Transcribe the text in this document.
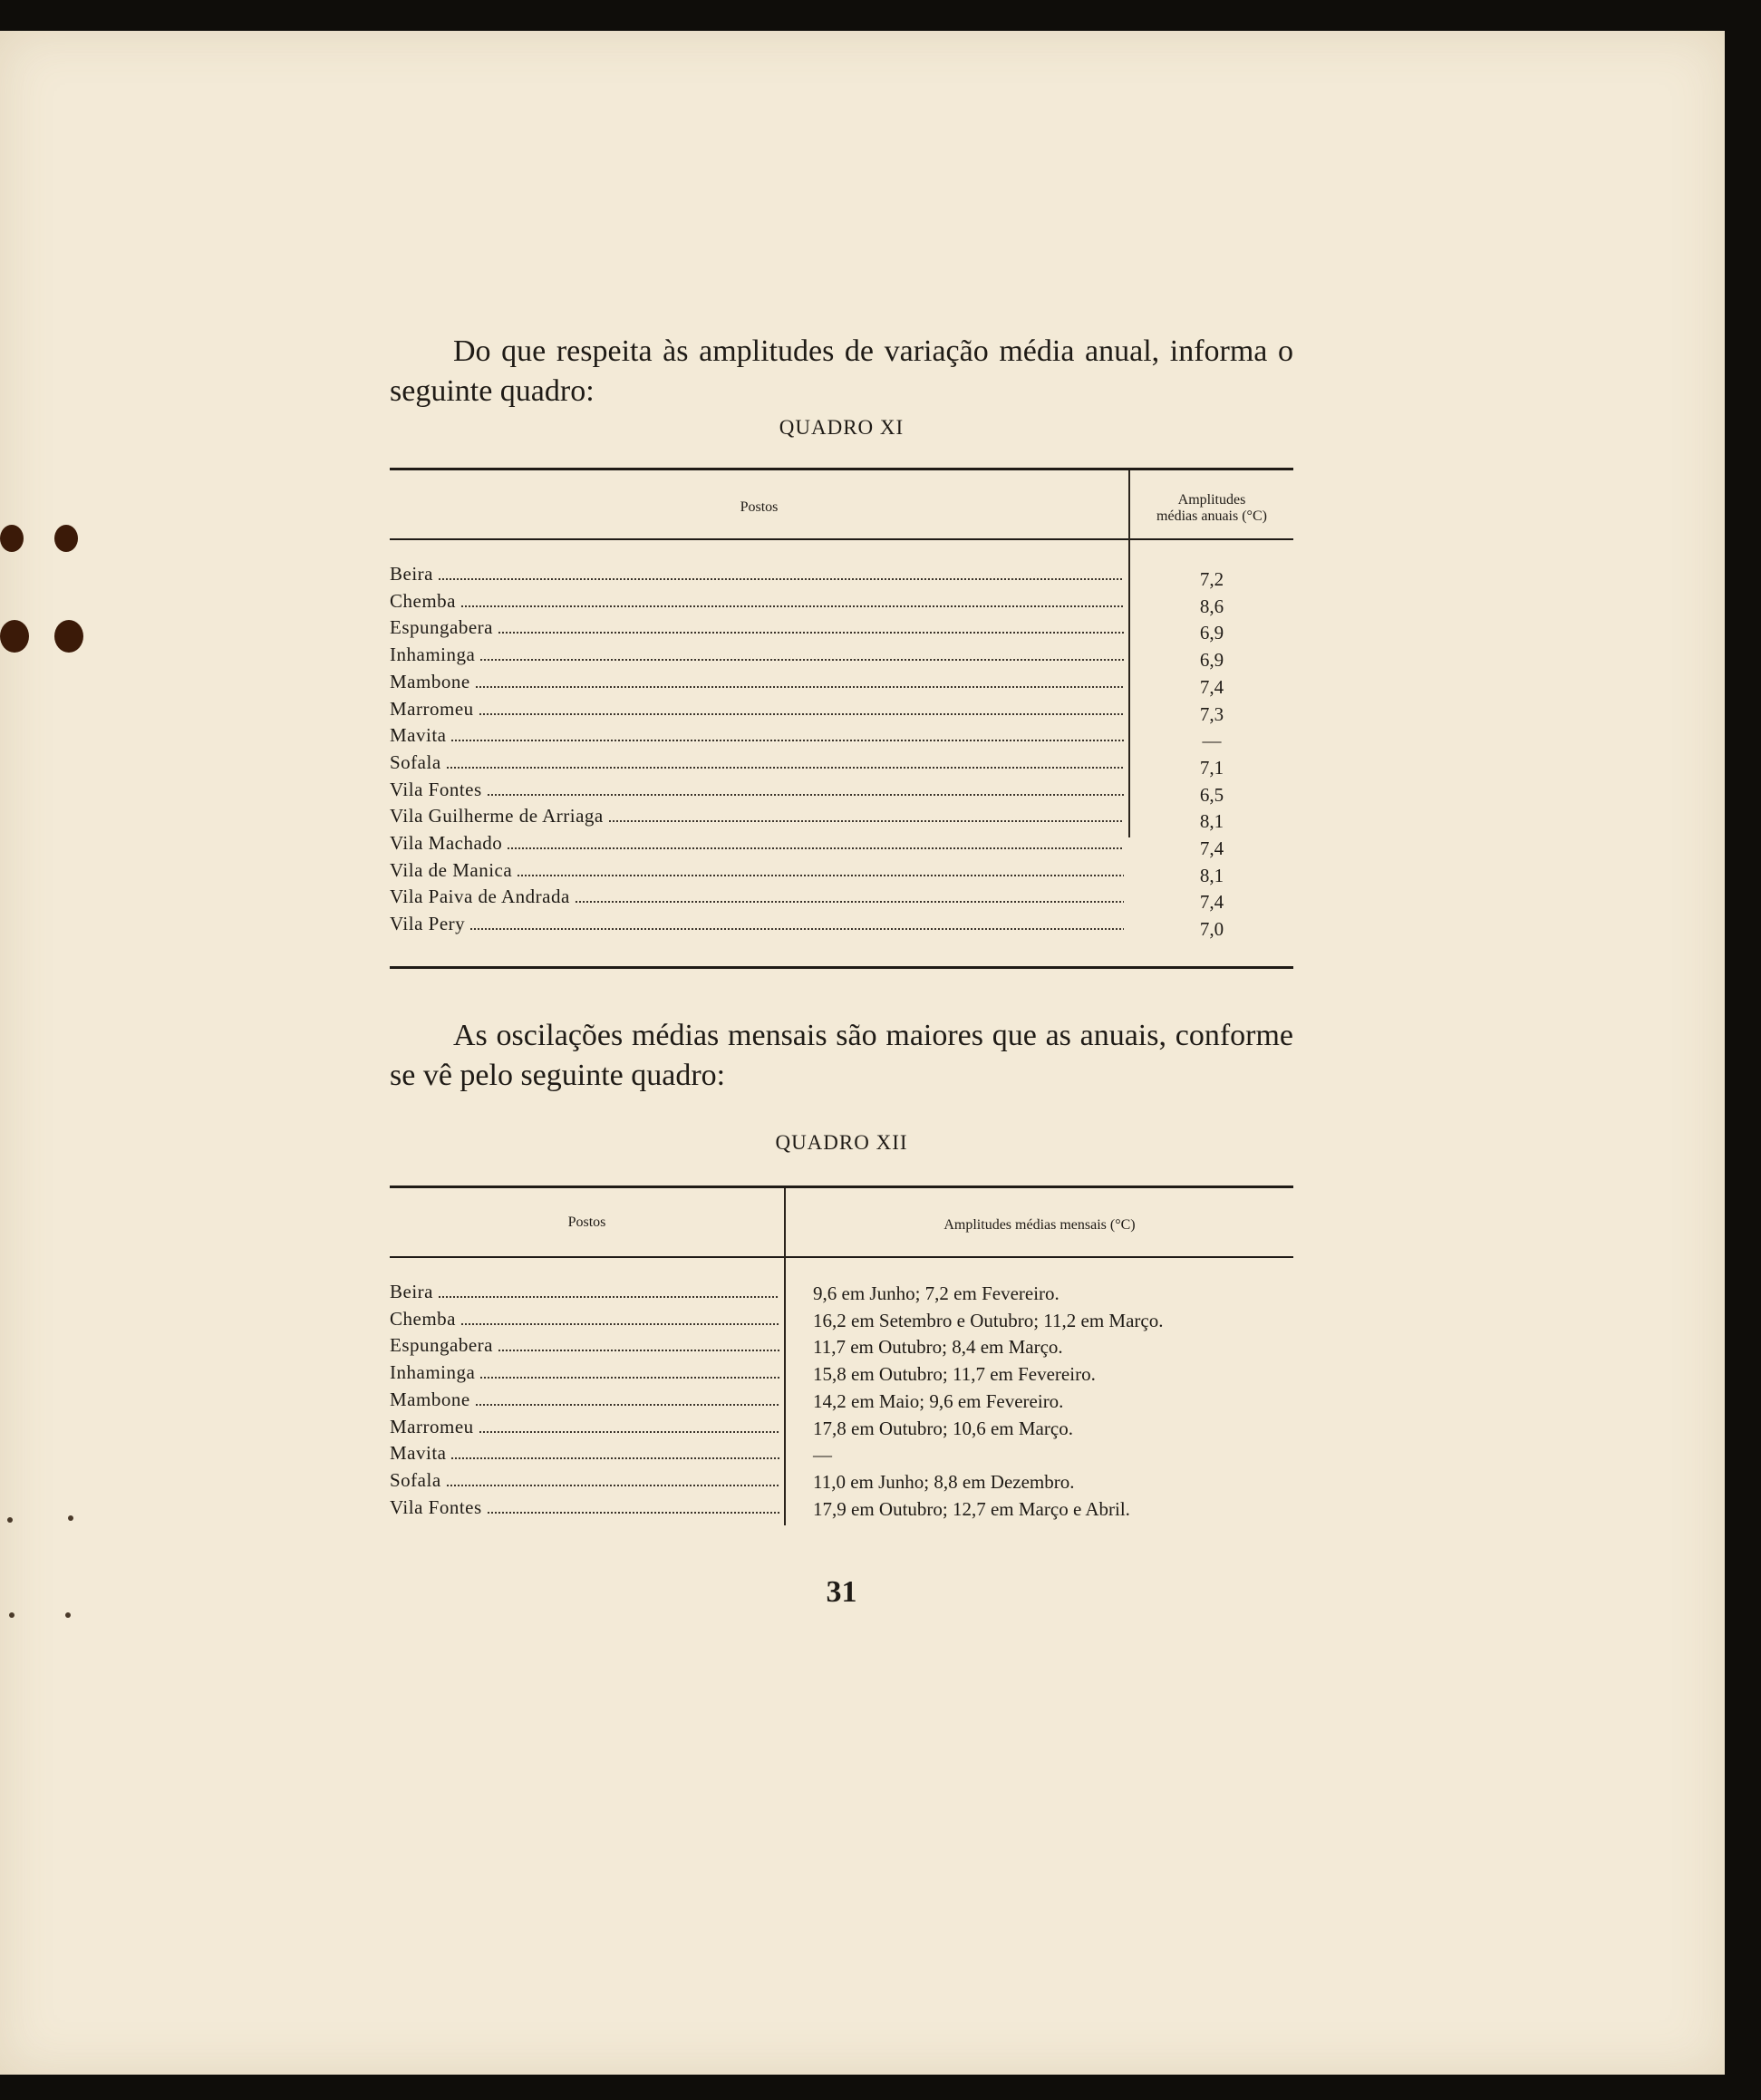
Do que respeita às amplitudes de variação média anual, informa o seguinte quadro:

QUADRO XI
Postos	Amplitudes
médias anuais (°C)
Beira	7,2
Chemba	8,6
Espungabera	6,9
Inhaminga	6,9
Mambone	7,4
Marromeu	7,3
Mavita	—
Sofala	7,1
Vila Fontes	6,5
Vila Guilherme de Arriaga	8,1
Vila Machado	7,4
Vila de Manica	8,1
Vila Paiva de Andrada	7,4
Vila Pery	7,0

As oscilações médias mensais são maiores que as anuais, conforme se vê pelo seguinte quadro:

QUADRO XII
Postos	Amplitudes médias mensais (°C)
Beira	9,6 em Junho; 7,2 em Fevereiro.
Chemba	16,2 em Setembro e Outubro; 11,2 em Março.
Espungabera	11,7 em Outubro; 8,4 em Março.
Inhaminga	15,8 em Outubro; 11,7 em Fevereiro.
Mambone	14,2 em Maio; 9,6 em Fevereiro.
Marromeu	17,8 em Outubro; 10,6 em Março.
Mavita	—
Sofala	11,0 em Junho; 8,8 em Dezembro.
Vila Fontes	17,9 em Outubro; 12,7 em Março e Abril.
31
